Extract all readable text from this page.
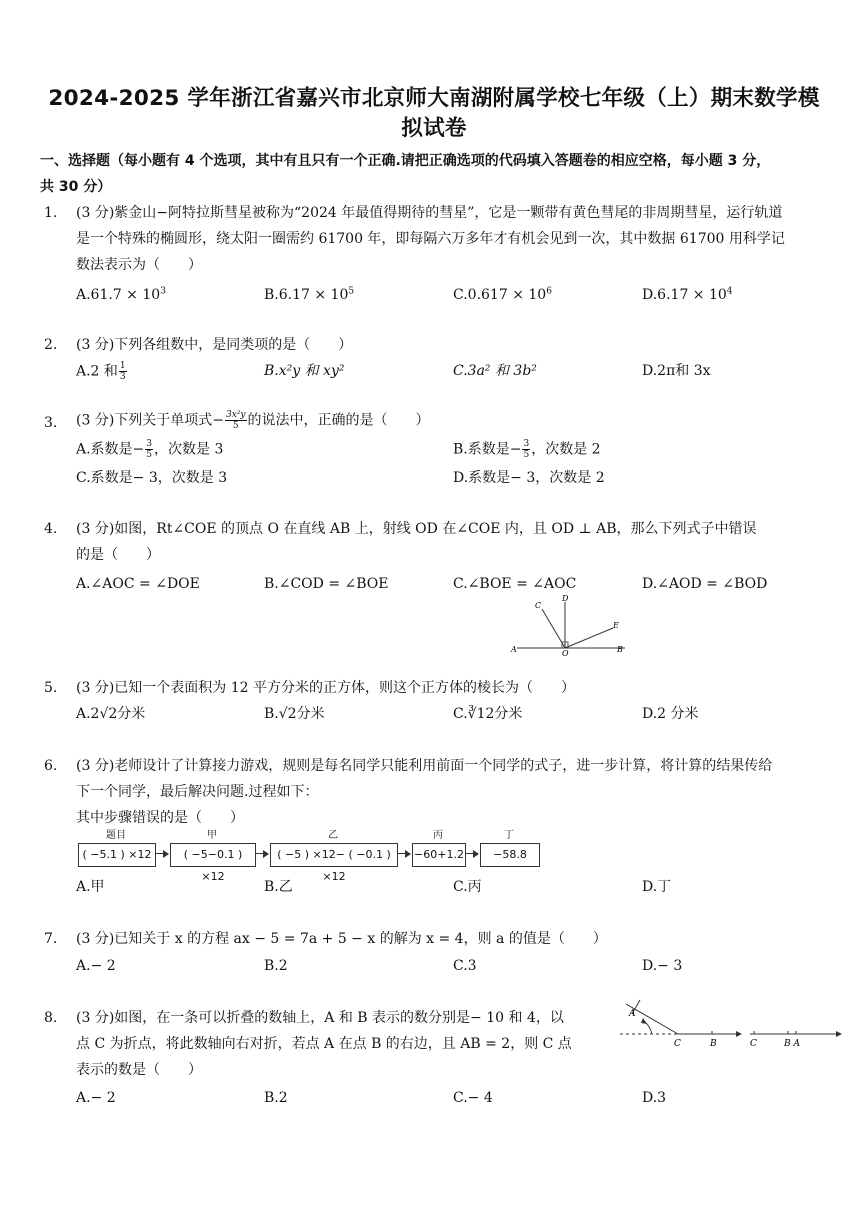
2024-2025 学年浙江省嘉兴市北京师大南湖附属学校七年级（上）期末数学模
拟试卷
一、选择题（每小题有 4 个选项，其中有且只有一个正确.请把正确选项的代码填入答题卷的相应空格，每小题 3 分，
共 30 分）
1. (3 分)紫金山−阿特拉斯彗星被称为“2024 年最值得期待的彗星”，它是一颗带有黄色彗尾的非周期彗星，运行轨道
是一个特殊的椭圆形，绕太阳一圈需约 61700 年，即每隔六万多年才有机会见到一次，其中数据 61700 用科学记
数法表示为（　　）
$A.61.7 \times 10^3$	$B.6.17 \times 10^5$	$C.0.617 \times 10^6$	$D.6.17 \times 10^4$
2. (3 分)下列各组数中，是同类项的是（　　）
A.2 和 $\frac{1}{3}$	B.x²y 和 xy²	C.3a² 和 3b²	D.2π和 3x
3. (3 分)下列关于单项式− $\frac{\text{3x²y}}{5}$ 的说法中，正确的是（　　）
A.系数是− $\frac{3}{5}$ ，次数是 3	B.系数是− $\frac{3}{5}$ ，次数是 2
C.系数是− 3，次数是 3	D.系数是− 3，次数是 2
4. (3 分)如图，Rt∠COE 的顶点 O 在直线 AB 上，射线 OD 在∠COE 内，且 OD ⊥ AB，那么下列式子中错误
的是（　　）
A.∠AOC = ∠DOE	B.∠COD = ∠BOE	C.∠BOE = ∠AOC	D.∠AOD = ∠BOD
A	B
C
D
E
O
5. (3 分)已知一个表面积为 12 平方分米的正方体，则这个正方体的棱长为（　　）
A.2√2分米	B.√2分米	C.∛12分米	D.2 分米
6. (3 分)老师设计了计算接力游戏，规则是每名同学只能利用前面一个同学的式子，进一步计算，将计算的结果传给
下一个同学，最后解决问题.过程如下：
其中步骤错误的是（　　）
题目
( −5.1 ) ×12
甲
( −5−0.1 ) ×12
乙
( −5 ) ×12− ( −0.1 ) ×12
丙
−60+1.2
丁
−58.8
A.甲	B.乙	C.丙	D.丁
7. (3 分)已知关于 x 的方程 ax − 5 = 7a + 5 − x 的解为 x = 4，则 a 的值是（　　）
A.− 2	B.2	C.3	D.− 3
8. (3 分)如图，在一条可以折叠的数轴上，A 和 B 表示的数分别是− 10 和 4，以
点 C 为折点，将此数轴向右对折，若点 A 在点 B 的右边，且 AB = 2，则 C 点
表示的数是（　　）
A
C	B	C	B A
A.− 2	B.2	C.− 4	D.3
